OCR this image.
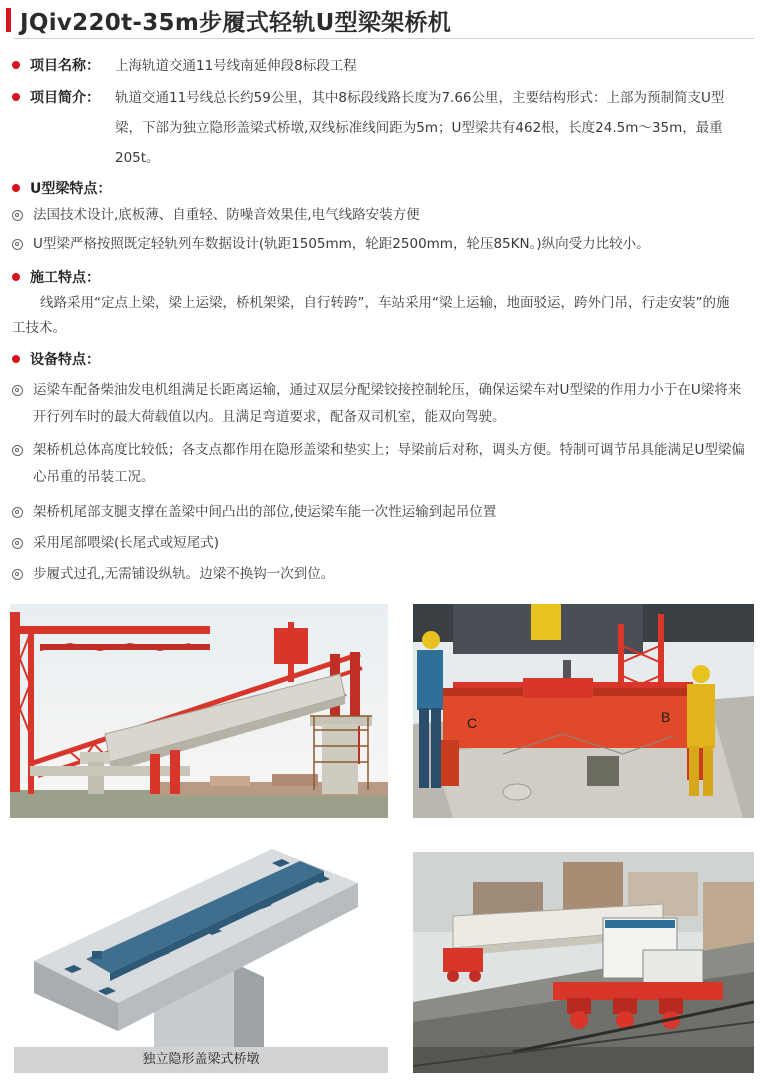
JQiv220t-35m步履式轻轨U型梁架桥机
项目名称： 上海轨道交通11号线南延伸段8标段工程
项目简介： 轨道交通11号线总长约59公里，其中8标段线路长度为7.66公里，主要结构形式：上部为预制简支U型梁，下部为独立隐形盖梁式桥墩,双线标准线间距为5m；U型梁共有462根，长度24.5m～35m，最重205t。
U型梁特点：
法国技术设计,底板薄、自重轻、防噪音效果佳,电气线路安装方便
U型梁严格按照既定轻轨列车数据设计(轨距1505mm，轮距2500mm，轮压85KN。)纵向受力比较小。
施工特点：
线路采用“定点上梁，梁上运梁，桥机架梁，自行转跨”，车站采用“梁上运输，地面驳运，跨外门吊，行走安装”的施工技术。
设备特点：
运梁车配备柴油发电机组满足长距离运输，通过双层分配梁铰接控制轮压，确保运梁车对U型梁的作用力小于在U梁将来开行列车时的最大荷载值以内。且满足弯道要求，配备双司机室，能双向驾驶。
架桥机总体高度比较低；各支点都作用在隐形盖梁和垫实上；导梁前后对称，调头方便。特制可调节吊具能满足U型梁偏心吊重的吊装工况。
架桥机尾部支腿支撑在盖梁中间凸出的部位,使运梁车能一次性运输到起吊位置
采用尾部喂梁(长尾式或短尾式)
步履式过孔,无需铺设纵轨。边梁不换钩一次到位。
C	B
独立隐形盖梁式桥墩
